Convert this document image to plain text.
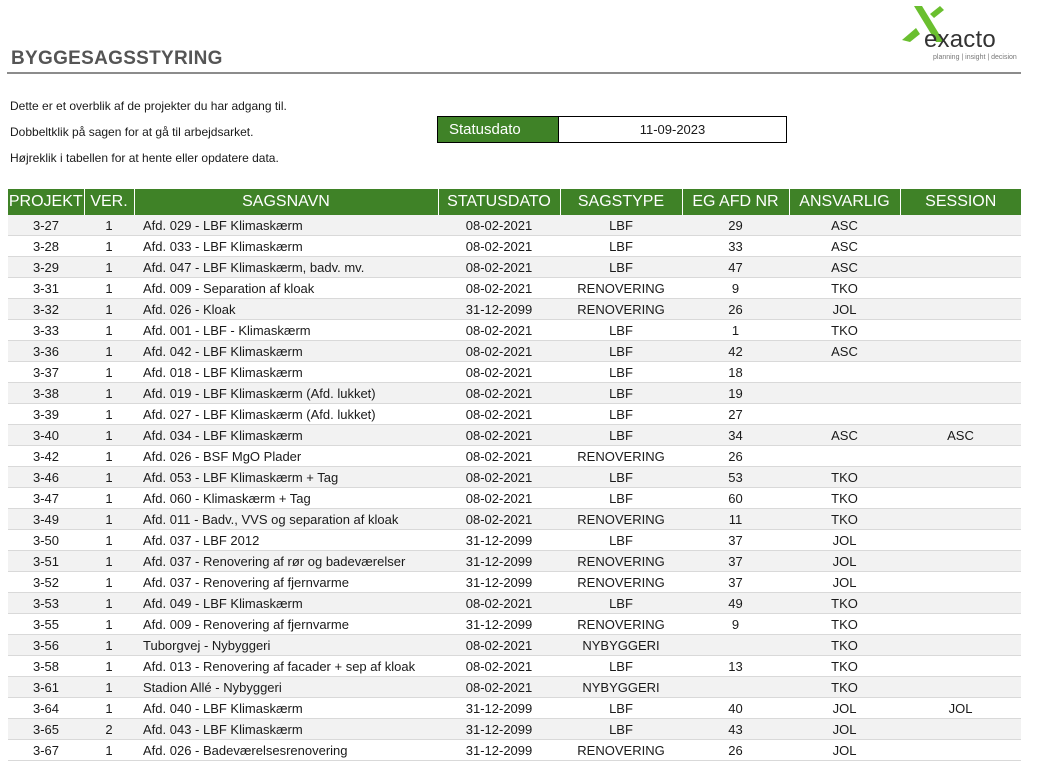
BYGGESAGSSTYRING
exacto
planning | insight | decision
Dette er et overblik af de projekter du har adgang til.
Dobbeltklik på sagen for at gå til arbejdsarket.
Højreklik i tabellen for at hente eller opdatere data.
Statusdato	11-09-2023
PROJEKT	VER.	SAGSNAVN	STATUSDATO	SAGSTYPE	EG AFD NR	ANSVARLIG	SESSION
3-27	1	Afd. 029 - LBF Klimaskærm	08-02-2021	LBF	29	ASC	
3-28	1	Afd. 033 - LBF Klimaskærm	08-02-2021	LBF	33	ASC	
3-29	1	Afd. 047 - LBF Klimaskærm, badv. mv.	08-02-2021	LBF	47	ASC	
3-31	1	Afd. 009 - Separation af kloak	08-02-2021	RENOVERING	9	TKO	
3-32	1	Afd. 026 - Kloak	31-12-2099	RENOVERING	26	JOL	
3-33	1	Afd. 001 - LBF - Klimaskærm	08-02-2021	LBF	1	TKO	
3-36	1	Afd. 042 - LBF Klimaskærm	08-02-2021	LBF	42	ASC	
3-37	1	Afd. 018 - LBF Klimaskærm	08-02-2021	LBF	18		
3-38	1	Afd. 019 - LBF Klimaskærm (Afd. lukket)	08-02-2021	LBF	19		
3-39	1	Afd. 027 - LBF Klimaskærm (Afd. lukket)	08-02-2021	LBF	27		
3-40	1	Afd. 034 - LBF Klimaskærm	08-02-2021	LBF	34	ASC	ASC
3-42	1	Afd. 026 - BSF MgO Plader	08-02-2021	RENOVERING	26		
3-46	1	Afd. 053 - LBF Klimaskærm + Tag	08-02-2021	LBF	53	TKO	
3-47	1	Afd. 060 - Klimaskærm + Tag	08-02-2021	LBF	60	TKO	
3-49	1	Afd. 011 - Badv., VVS og separation af kloak	08-02-2021	RENOVERING	11	TKO	
3-50	1	Afd. 037 - LBF 2012	31-12-2099	LBF	37	JOL	
3-51	1	Afd. 037 - Renovering af rør og badeværelser	31-12-2099	RENOVERING	37	JOL	
3-52	1	Afd. 037 - Renovering af fjernvarme	31-12-2099	RENOVERING	37	JOL	
3-53	1	Afd. 049 - LBF Klimaskærm	08-02-2021	LBF	49	TKO	
3-55	1	Afd. 009 - Renovering af fjernvarme	31-12-2099	RENOVERING	9	TKO	
3-56	1	Tuborgvej - Nybyggeri	08-02-2021	NYBYGGERI		TKO	
3-58	1	Afd. 013 - Renovering af facader + sep af kloak	08-02-2021	LBF	13	TKO	
3-61	1	Stadion Allé - Nybyggeri	08-02-2021	NYBYGGERI		TKO	
3-64	1	Afd. 040 - LBF Klimaskærm	31-12-2099	LBF	40	JOL	JOL
3-65	2	Afd. 043 - LBF Klimaskærm	31-12-2099	LBF	43	JOL	
3-67	1	Afd. 026 - Badeværelsesrenovering	31-12-2099	RENOVERING	26	JOL	
